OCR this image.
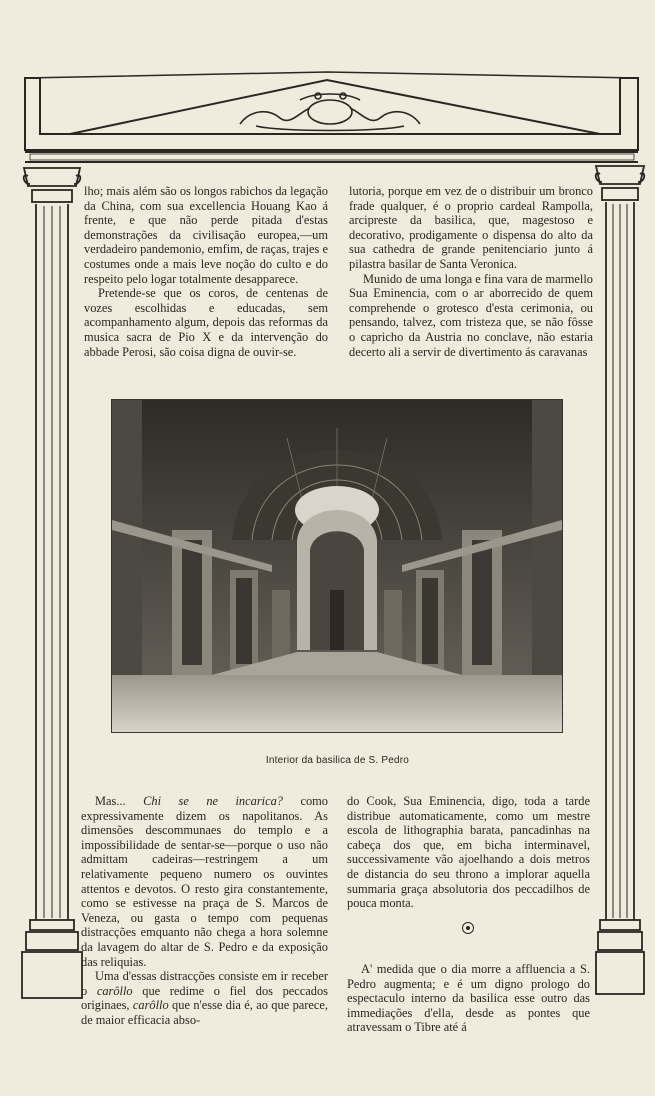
lho; mais além são os longos rabichos da legação da China, com sua excellencia Houang Kao á frente, e que não perde pitada d'estas demonstrações da civilisação europea,—um verdadeiro pandemonio, emfim, de raças, trajes e costumes onde a mais leve noção do culto e do respeito pelo logar totalmente desapparece.

Pretende-se que os coros, de centenas de vozes escolhidas e educadas, sem acompanhamento algum, depois das reformas da musica sacra de Pio X e da intervenção do abbade Perosi, são coisa digna de ouvir-se.

lutoria, porque em vez de o distribuir um bronco frade qualquer, é o proprio cardeal Rampolla, arcipreste da basilica, que, magestoso e decorativo, prodigamente o dispensa do alto da sua cathedra de grande penitenciario junto á pilastra basilar de Santa Veronica.

Munido de uma longa e fina vara de marmello Sua Eminencia, com o ar aborrecido de quem comprehende o grotesco d'esta cerimonia, ou pensando, talvez, com tristeza que, se não fôsse o capricho da Austria no conclave, não estaria decerto ali a servir de divertimento ás caravanas

Interior da basilica de S. Pedro

Mas... Chi se ne incarica? como expressivamente dizem os napolitanos. As dimensões descommunaes do templo e a impossibilidade de sentar-se—porque o uso não admittam cadeiras—restringem a um relativamente pequeno numero os ouvintes attentos e devotos. O resto gira constantemente, como se estivesse na praça de S. Marcos de Veneza, ou gasta o tempo com pequenas distracções emquanto não chega a hora solemne da lavagem do altar de S. Pedro e da exposição das reliquias.

Uma d'essas distracções consiste em ir receber o carôllo que redime o fiel dos peccados originaes, carôllo que n'esse dia é, ao que parece, de maior efficacia abso-

do Cook, Sua Eminencia, digo, toda a tarde distribue automaticamente, como um mestre escola de lithographia barata, pancadinhas na cabeça dos que, em bicha interminavel, successivamente vão ajoelhando a dois metros de distancia do seu throno a implorar aquella summaria graça absolutoria dos peccadilhos de pouca monta.

A' medida que o dia morre a affluencia a S. Pedro augmenta; e é um digno prologo do espectaculo interno da basilica esse outro das immediações d'ella, desde as pontes que atravessam o Tibre até á
